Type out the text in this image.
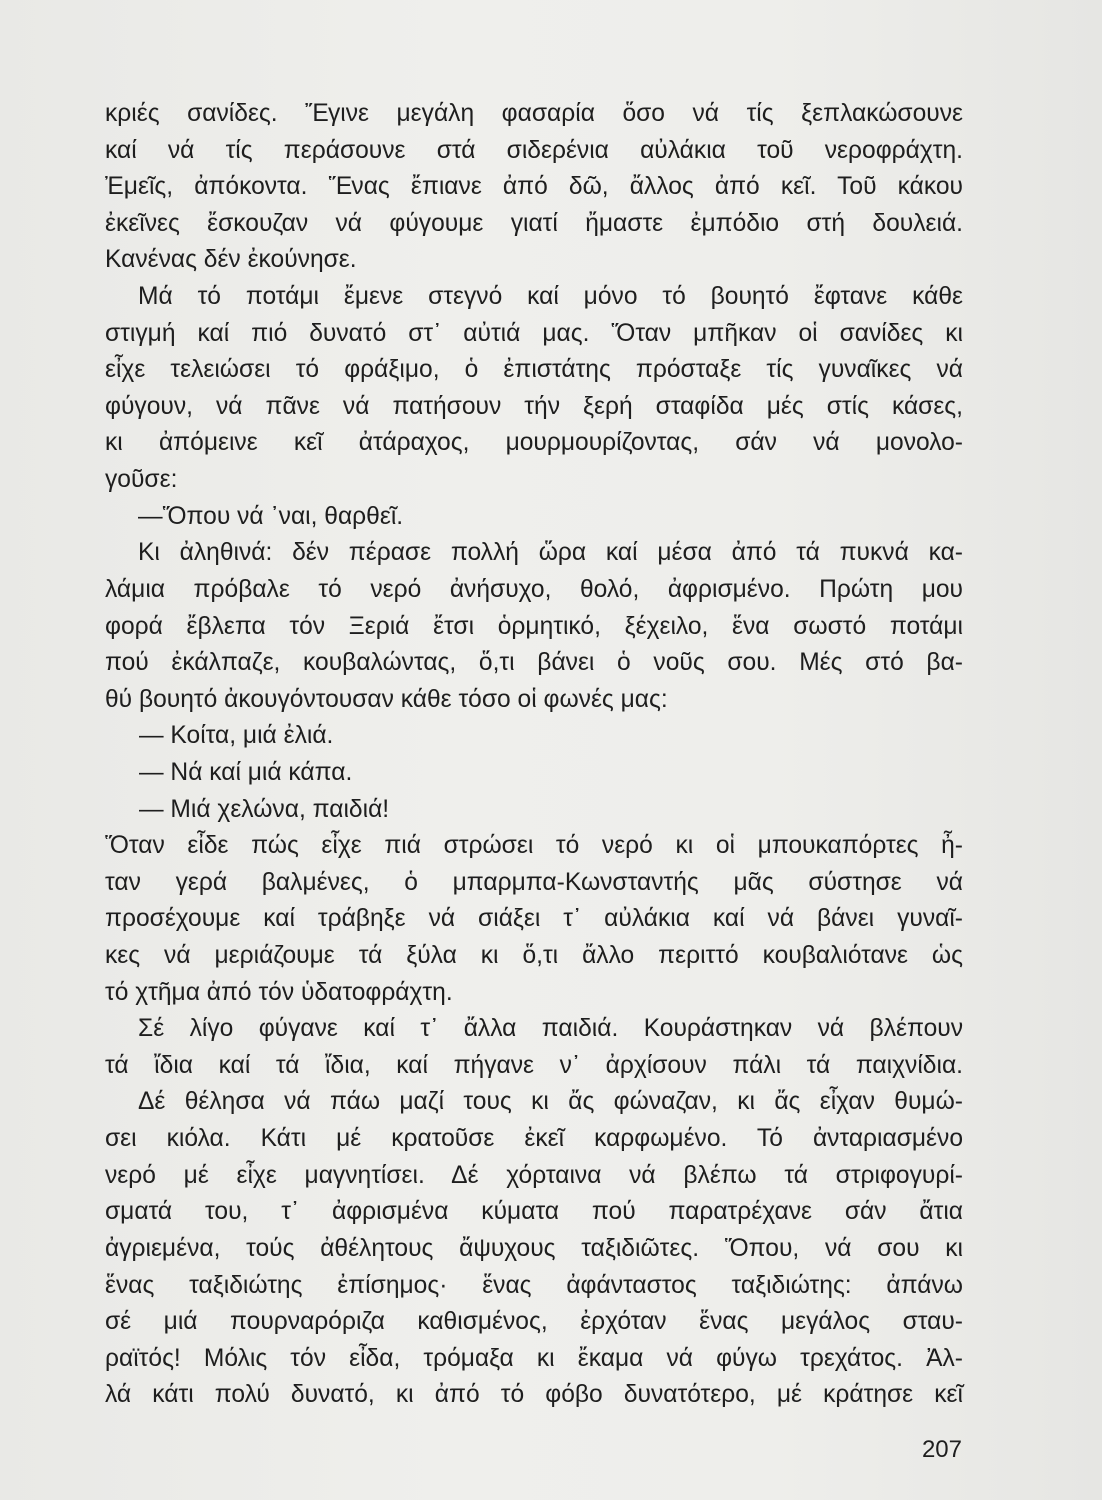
κριές σανίδες. Ἔγινε μεγάλη φασαρία ὅσο νά τίς ξεπλακώσουνε
καί νά τίς περάσουνε στά σιδερένια αὐλάκια τοῦ νεροφράχτη.
Ἐμεῖς, ἀπόκοντα. Ἕνας ἔπιανε ἀπό δῶ, ἄλλος ἀπό κεῖ. Τοῦ κάκου
ἐκεῖνες ἔσκουζαν νά φύγουμε γιατί ἤμαστε ἐμπόδιο στή δουλειά.
Κανένας δέν ἐκούνησε.
Μά τό ποτάμι ἔμενε στεγνό καί μόνο τό βουητό ἔφτανε κάθε
στιγμή καί πιό δυνατό στ᾿ αὐτιά μας. Ὅταν μπῆκαν οἱ σανίδες κι
εἶχε τελειώσει τό φράξιμο, ὁ ἐπιστάτης πρόσταξε τίς γυναῖκες νά
φύγουν, νά πᾶνε νά πατήσουν τήν ξερή σταφίδα μές στίς κάσες,
κι ἀπόμεινε κεῖ ἀτάραχος, μουρμουρίζοντας, σάν νά μονολο-
γοῦσε:
—Ὅπου νά ᾿ναι, θαρθεῖ.
Κι ἀληθινά: δέν πέρασε πολλή ὥρα καί μέσα ἀπό τά πυκνά κα-
λάμια πρόβαλε τό νερό ἀνήσυχο, θολό, ἀφρισμένο. Πρώτη μου
φορά ἔβλεπα τόν Ξεριά ἔτσι ὁρμητικό, ξέχειλο, ἕνα σωστό ποτάμι
πού ἐκάλπαζε, κουβαλώντας, ὅ,τι βάνει ὁ νοῦς σου. Μές στό βα-
θύ βουητό ἀκουγόντουσαν κάθε τόσο οἱ φωνές μας:
— Κοίτα, μιά ἐλιά.
— Νά καί μιά κάπα.
— Μιά χελώνα, παιδιά!
Ὅταν εἶδε πώς εἶχε πιά στρώσει τό νερό κι οἱ μπουκαπόρτες ἦ-
ταν γερά βαλμένες, ὁ μπαρμπα-Κωνσταντής μᾶς σύστησε νά
προσέχουμε καί τράβηξε νά σιάξει τ᾿ αὐλάκια καί νά βάνει γυναῖ-
κες νά μεριάζουμε τά ξύλα κι ὅ,τι ἄλλο περιττό κουβαλιότανε ὡς
τό χτῆμα ἀπό τόν ὑδατοφράχτη.
Σέ λίγο φύγανε καί τ᾿ ἄλλα παιδιά. Κουράστηκαν νά βλέπουν
τά ἴδια καί τά ἴδια, καί πήγανε ν᾿ ἀρχίσουν πάλι τά παιχνίδια.
Δέ θέλησα νά πάω μαζί τους κι ἄς φώναζαν, κι ἄς εἶχαν θυμώ-
σει κιόλα. Κάτι μέ κρατοῦσε ἐκεῖ καρφωμένο. Τό ἀνταριασμένο
νερό μέ εἶχε μαγνητίσει. Δέ χόρταινα νά βλέπω τά στριφογυρί-
σματά του, τ᾿ ἀφρισμένα κύματα πού παρατρέχανε σάν ἄτια
ἀγριεμένα, τούς ἀθέλητους ἄψυχους ταξιδιῶτες. Ὅπου, νά σου κι
ἕνας ταξιδιώτης ἐπίσημος· ἕνας ἀφάνταστος ταξιδιώτης: ἀπάνω
σέ μιά πουρναρόριζα καθισμένος, ἐρχόταν ἕνας μεγάλος σταυ-
ραϊτός! Μόλις τόν εἶδα, τρόμαξα κι ἔκαμα νά φύγω τρεχάτος. Ἀλ-
λά κάτι πολύ δυνατό, κι ἀπό τό φόβο δυνατότερο, μέ κράτησε κεῖ
207
